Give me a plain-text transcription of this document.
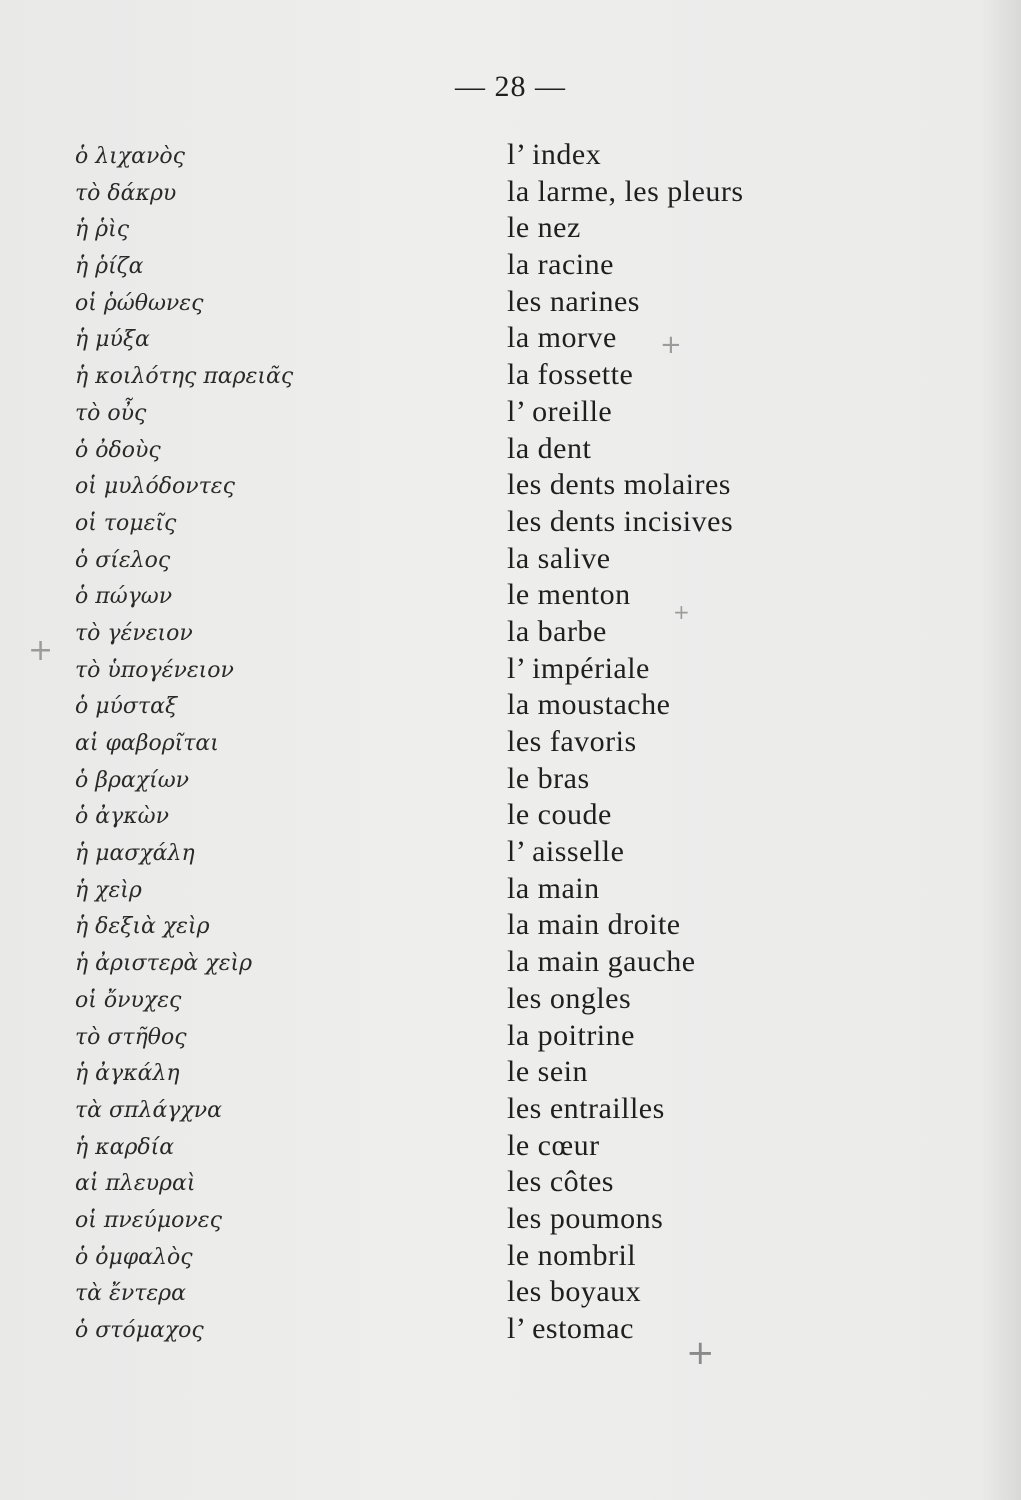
— 28 —
ὁ λιχανὸς	l’ index
τὸ δάκρυ	la larme, les pleurs
ἡ ῥὶς	le nez
ἡ ῥίζα	la racine
οἱ ῥώθωνες	les narines
ἡ μύξα	la morve
ἡ κοιλότης παρειᾶς	la fossette
τὸ οὖς	l’ oreille
ὁ ὀδοὺς	la dent
οἱ μυλόδοντες	les dents molaires
οἱ τομεῖς	les dents incisives
ὁ σίελος	la salive
ὁ πώγων	le menton
τὸ γένειον	la barbe
τὸ ὑπογένειον	l’ impériale
ὁ μύσταξ	la moustache
αἱ φαβορῖται	les favoris
ὁ βραχίων	le bras
ὁ ἀγκὼν	le coude
ἡ μασχάλη	l’ aisselle
ἡ χεὶρ	la main
ἡ δεξιὰ χεὶρ	la main droite
ἡ ἀριστερὰ χεὶρ	la main gauche
οἱ ὄνυχες	les ongles
τὸ στῆθος	la poitrine
ἡ ἀγκάλη	le sein
τὰ σπλάγχνα	les entrailles
ἡ καρδία	le cœur
αἱ πλευραὶ	les côtes
οἱ πνεύμονες	les poumons
ὁ ὀμφαλὸς	le nombril
τὰ ἔντερα	les boyaux
ὁ στόμαχος	l’ estomac
+
+
+
+
